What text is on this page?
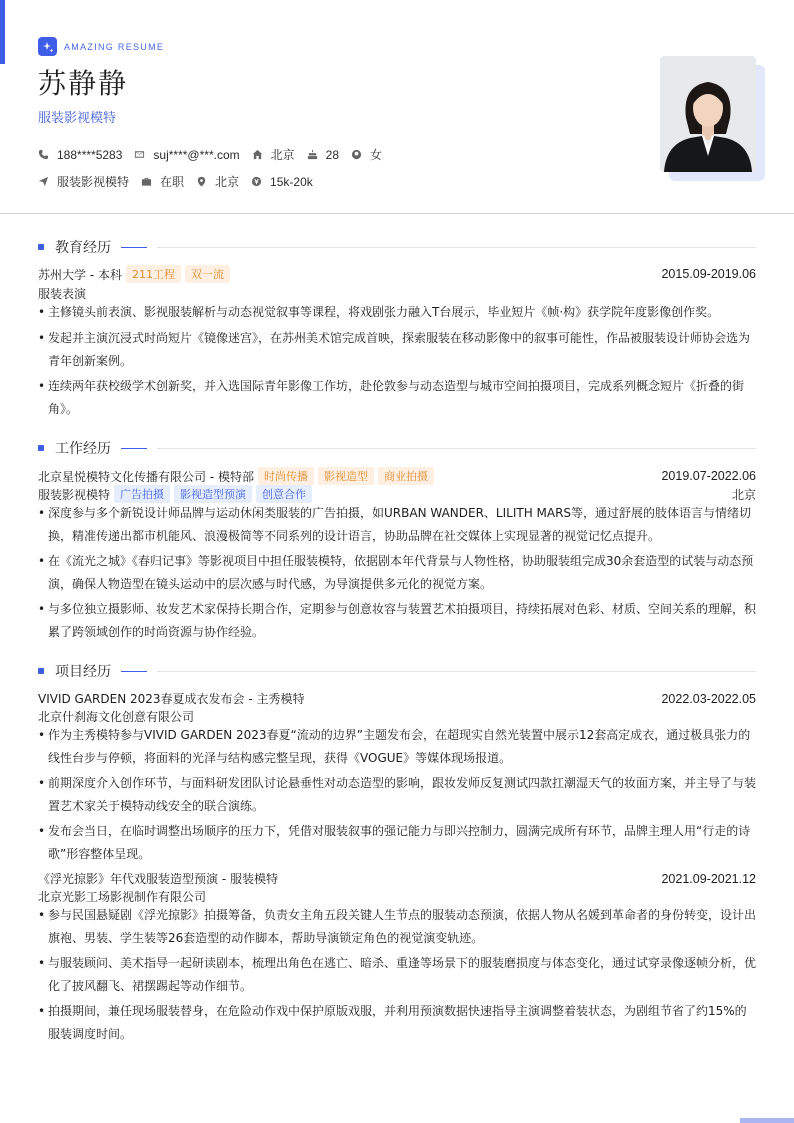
AMAZING RESUME
苏静静
服装影视模特
188****5283	suj****@***.com	北京	28	女
服装影视模特	在职	北京	15k-20k
教育经历
苏州大学 - 本科 211工程	双一流	2015.09-2019.06
服装表演
• 主修镜头前表演、影视服装解析与动态视觉叙事等课程，将戏剧张力融入T台展示，毕业短片《帧·构》获学院年度影像创作奖。
• 发起并主演沉浸式时尚短片《镜像迷宫》，在苏州美术馆完成首映，探索服装在移动影像中的叙事可能性，作品被服装设计师协会选为青年创新案例。
• 连续两年获校级学术创新奖，并入选国际青年影像工作坊，赴伦敦参与动态造型与城市空间拍摄项目，完成系列概念短片《折叠的街角》。
工作经历
北京星悦模特文化传播有限公司 - 模特部 时尚传播	影视造型	商业拍摄	2019.07-2022.06
服装影视模特 广告拍摄	影视造型预演	创意合作	北京
• 深度参与多个新锐设计师品牌与运动休闲类服装的广告拍摄，如URBAN WANDER、LILITH MARS等，通过舒展的肢体语言与情绪切换，精准传递出都市机能风、浪漫极简等不同系列的设计语言，协助品牌在社交媒体上实现显著的视觉记忆点提升。
• 在《流光之城》《春归记事》等影视项目中担任服装模特，依据剧本年代背景与人物性格，协助服装组完成30余套造型的试装与动态预演，确保人物造型在镜头运动中的层次感与时代感，为导演提供多元化的视觉方案。
• 与多位独立摄影师、妆发艺术家保持长期合作，定期参与创意妆容与装置艺术拍摄项目，持续拓展对色彩、材质、空间关系的理解，积累了跨领域创作的时尚资源与协作经验。
项目经历
VIVID GARDEN 2023春夏成衣发布会 - 主秀模特	2022.03-2022.05
北京什刹海文化创意有限公司
• 作为主秀模特参与VIVID GARDEN 2023春夏“流动的边界”主题发布会，在超现实自然光装置中展示12套高定成衣，通过极具张力的线性台步与停顿，将面料的光泽与结构感完整呈现，获得《VOGUE》等媒体现场报道。
• 前期深度介入创作环节，与面料研发团队讨论悬垂性对动态造型的影响，跟妆发师反复测试四款扛潮湿天气的妆面方案，并主导了与装置艺术家关于模特动线安全的联合演练。
• 发布会当日，在临时调整出场顺序的压力下，凭借对服装叙事的强记能力与即兴控制力，圆满完成所有环节，品牌主理人用“行走的诗歌”形容整体呈现。
《浮光掠影》年代戏服装造型预演 - 服装模特	2021.09-2021.12
北京光影工场影视制作有限公司
• 参与民国悬疑剧《浮光掠影》拍摄筹备，负责女主角五段关键人生节点的服装动态预演，依据人物从名媛到革命者的身份转变，设计出旗袍、男装、学生装等26套造型的动作脚本，帮助导演锁定角色的视觉演变轨迹。
• 与服装顾问、美术指导一起研读剧本，梳理出角色在逃亡、暗杀、重逢等场景下的服装磨损度与体态变化，通过试穿录像逐帧分析，优化了披风翻飞、裙摆踢起等动作细节。
• 拍摄期间，兼任现场服装替身，在危险动作戏中保护原版戏服，并利用预演数据快速指导主演调整着装状态，为剧组节省了约15%的服装调度时间。
